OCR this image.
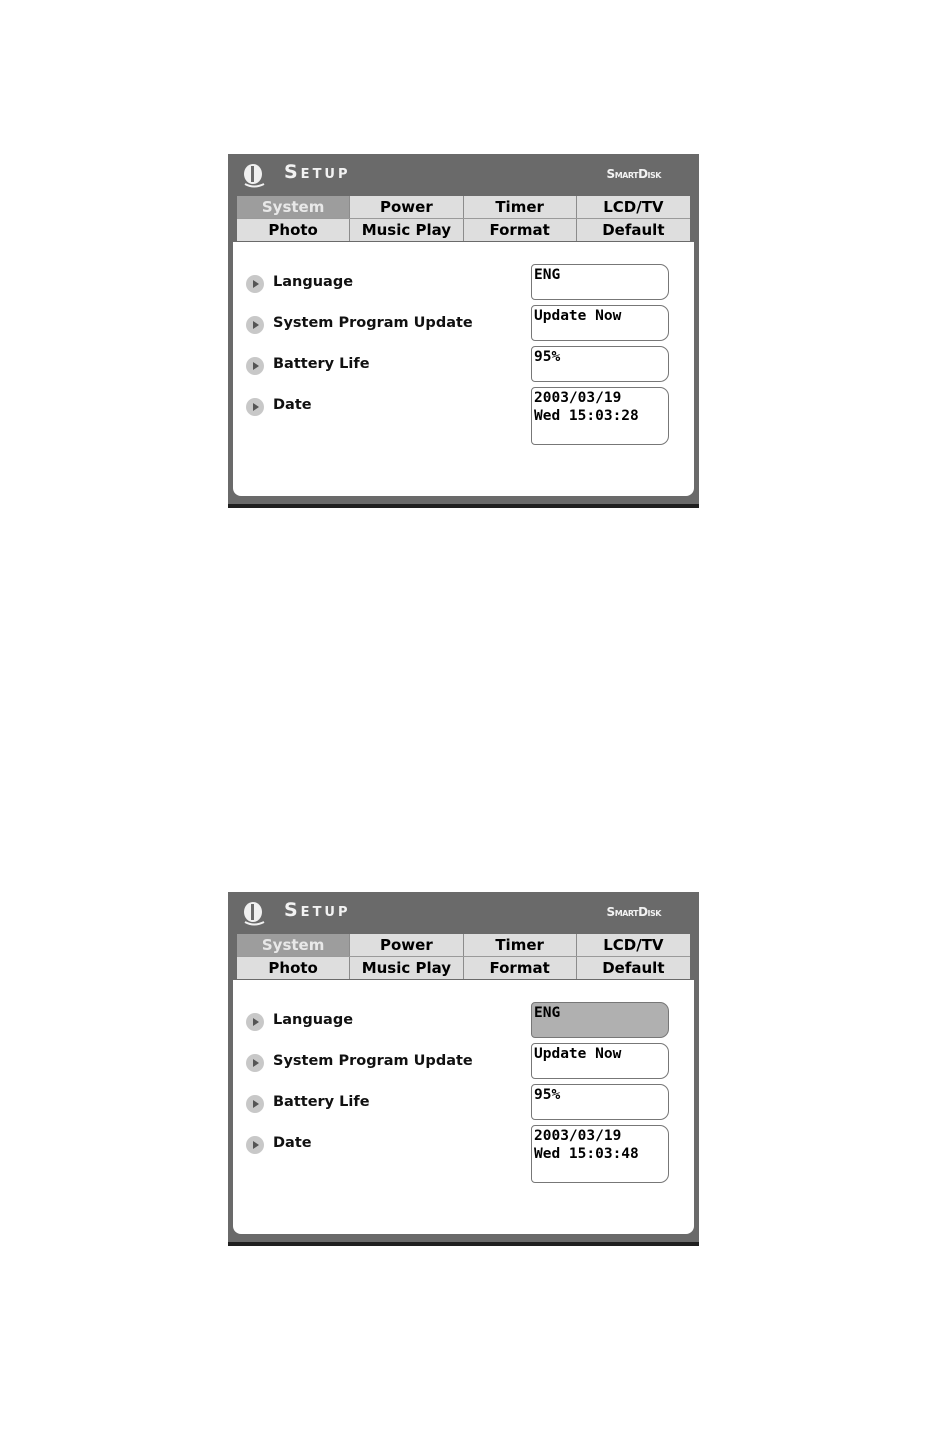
Setup	SmartDisk
System	Power	Timer	LCD/TV
Photo	Music Play	Format	Default
Language	ENG
System Program Update	Update Now
Battery Life	95%
Date	2003/03/19
Wed 15:03:28
Setup	SmartDisk
System	Power	Timer	LCD/TV
Photo	Music Play	Format	Default
Language	ENG
System Program Update	Update Now
Battery Life	95%
Date	2003/03/19
Wed 15:03:48
